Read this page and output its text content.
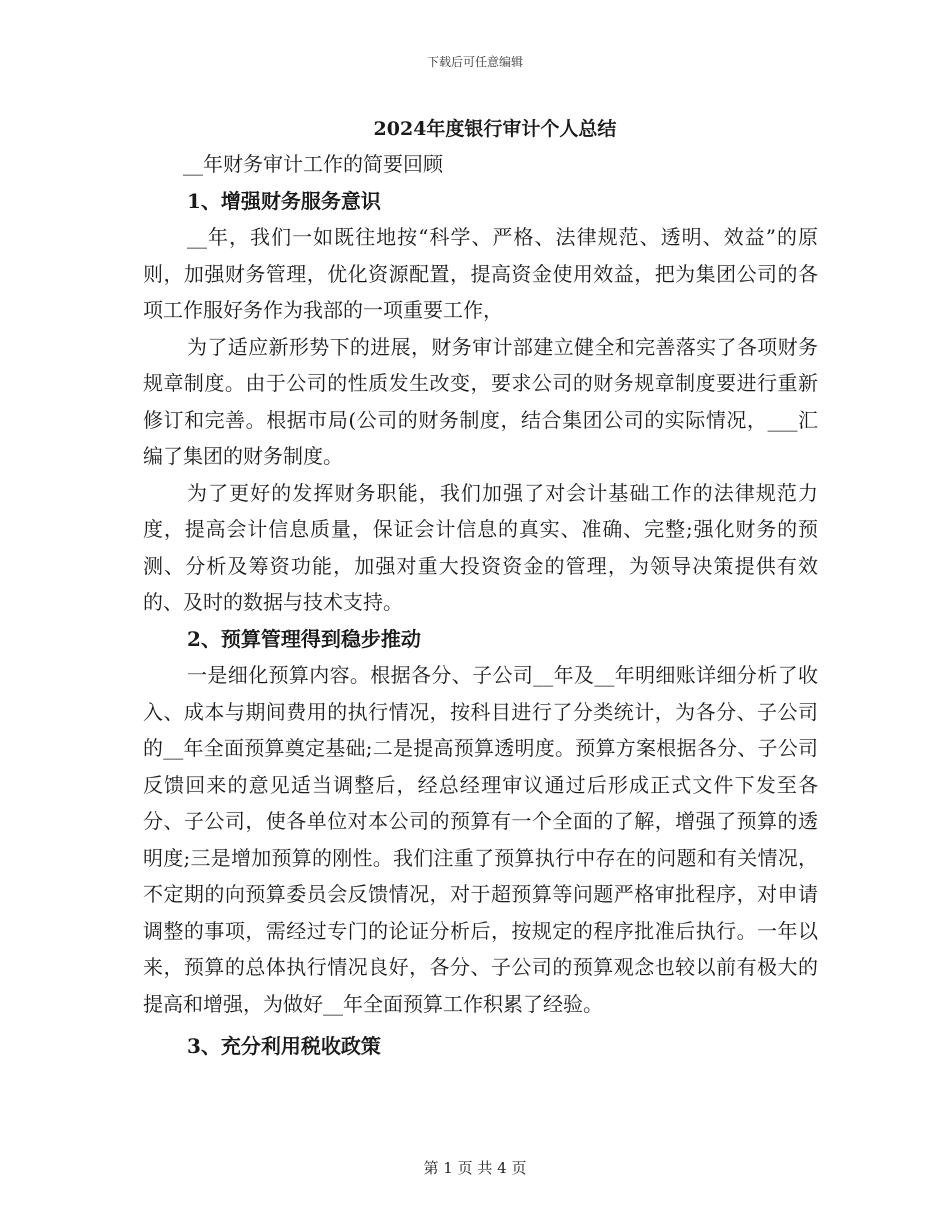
下载后可任意编辑
2024年度银行审计个人总结

__年财务审计工作的简要回顾

1、增强财务服务意识

__年，我们一如既往地按“科学、严格、法律规范、透明、效益”的原则，加强财务管理，优化资源配置，提高资金使用效益，把为集团公司的各项工作服好务作为我部的一项重要工作，

为了适应新形势下的进展，财务审计部建立健全和完善落实了各项财务规章制度。由于公司的性质发生改变，要求公司的财务规章制度要进行重新修订和完善。根据市局(公司的财务制度，结合集团公司的实际情况，___汇编了集团的财务制度。

为了更好的发挥财务职能，我们加强了对会计基础工作的法律规范力度，提高会计信息质量，保证会计信息的真实、准确、完整;强化财务的预测、分析及筹资功能，加强对重大投资资金的管理，为领导决策提供有效的、及时的数据与技术支持。

2、预算管理得到稳步推动

一是细化预算内容。根据各分、子公司__年及__年明细账详细分析了收入、成本与期间费用的执行情况，按科目进行了分类统计，为各分、子公司的__年全面预算奠定基础;二是提高预算透明度。预算方案根据各分、子公司反馈回来的意见适当调整后，经总经理审议通过后形成正式文件下发至各分、子公司，使各单位对本公司的预算有一个全面的了解，增强了预算的透明度;三是增加预算的刚性。我们注重了预算执行中存在的问题和有关情况，不定期的向预算委员会反馈情况，对于超预算等问题严格审批程序，对申请调整的事项，需经过专门的论证分析后，按规定的程序批准后执行。一年以来，预算的总体执行情况良好，各分、子公司的预算观念也较以前有极大的提高和增强，为做好__年全面预算工作积累了经验。

3、充分利用税收政策

第 1 页 共 4 页
